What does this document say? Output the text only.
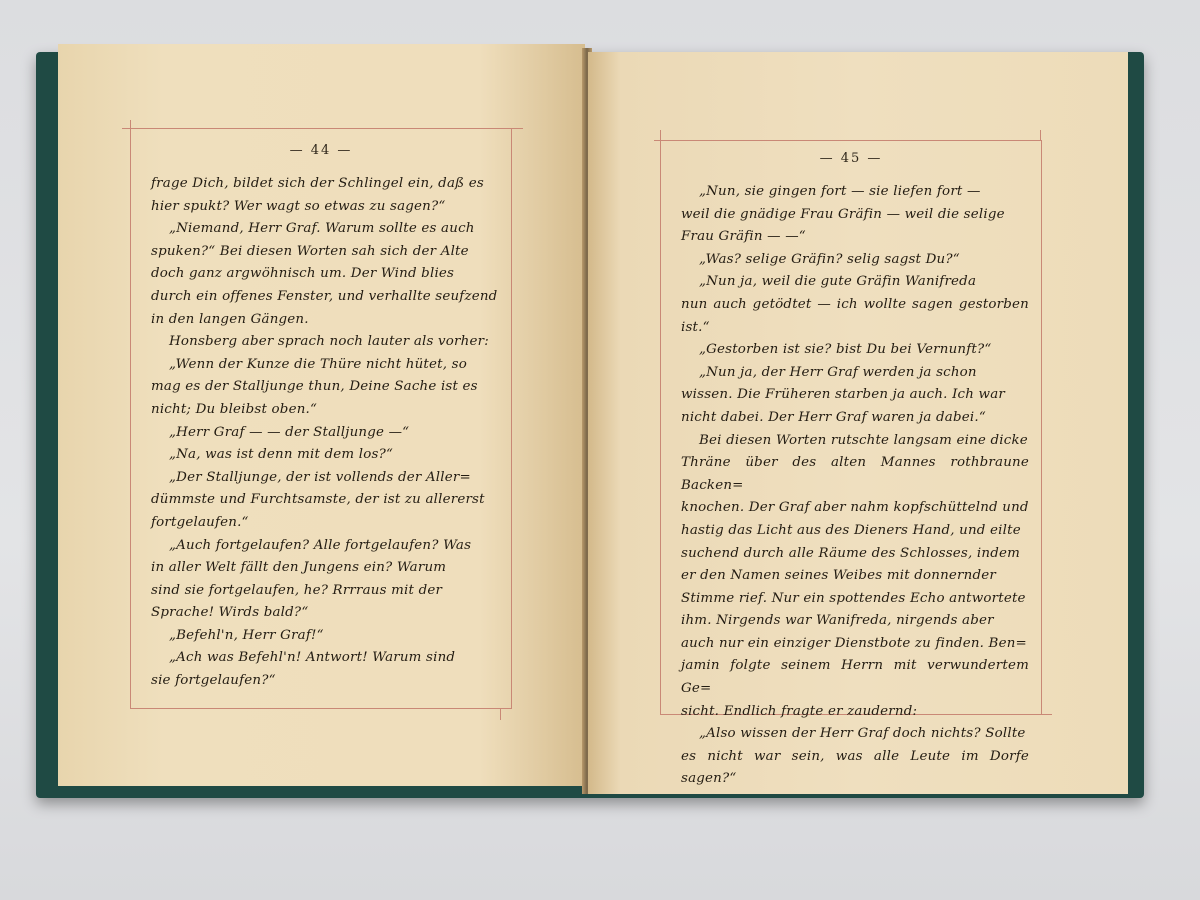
— 44 —

frage Dich, bildet sich der Schlingel ein, daß es

hier spukt? Wer wagt so etwas zu sagen?“

„Niemand, Herr Graf. Warum sollte es auch

spuken?“ Bei diesen Worten sah sich der Alte

doch ganz argwöhnisch um. Der Wind blies

durch ein offenes Fenster, und verhallte seufzend

in den langen Gängen.

Honsberg aber sprach noch lauter als vorher:

„Wenn der Kunze die Thüre nicht hütet, so

mag es der Stalljunge thun, Deine Sache ist es

nicht; Du bleibst oben.“

„Herr Graf — — der Stalljunge —“

„Na, was ist denn mit dem los?“

„Der Stalljunge, der ist vollends der Aller=

dümmste und Furchtsamste, der ist zu allererst

fortgelaufen.“

„Auch fortgelaufen? Alle fortgelaufen? Was

in aller Welt fällt den Jungens ein? Warum

sind sie fortgelaufen, he? Rrrraus mit der

Sprache! Wirds bald?“

„Befehl'n, Herr Graf!“

„Ach was Befehl'n! Antwort! Warum sind

sie fortgelaufen?“

— 45 —

„Nun, sie gingen fort — sie liefen fort —

weil die gnädige Frau Gräfin — weil die selige

Frau Gräfin — —“

„Was? selige Gräfin? selig sagst Du?“

„Nun ja, weil die gute Gräfin Wanifreda

nun auch getödtet — ich wollte sagen gestorben ist.“

„Gestorben ist sie? bist Du bei Vernunft?“

„Nun ja, der Herr Graf werden ja schon

wissen. Die Früheren starben ja auch. Ich war

nicht dabei. Der Herr Graf waren ja dabei.“

Bei diesen Worten rutschte langsam eine dicke

Thräne über des alten Mannes rothbraune Backen=

knochen. Der Graf aber nahm kopfschüttelnd und

hastig das Licht aus des Dieners Hand, und eilte

suchend durch alle Räume des Schlosses, indem

er den Namen seines Weibes mit donnernder

Stimme rief. Nur ein spottendes Echo antwortete

ihm. Nirgends war Wanifreda, nirgends aber

auch nur ein einziger Dienstbote zu finden. Ben=

jamin folgte seinem Herrn mit verwundertem Ge=

sicht. Endlich fragte er zaudernd:

„Also wissen der Herr Graf doch nichts? Sollte

es nicht war sein, was alle Leute im Dorfe sagen?“
